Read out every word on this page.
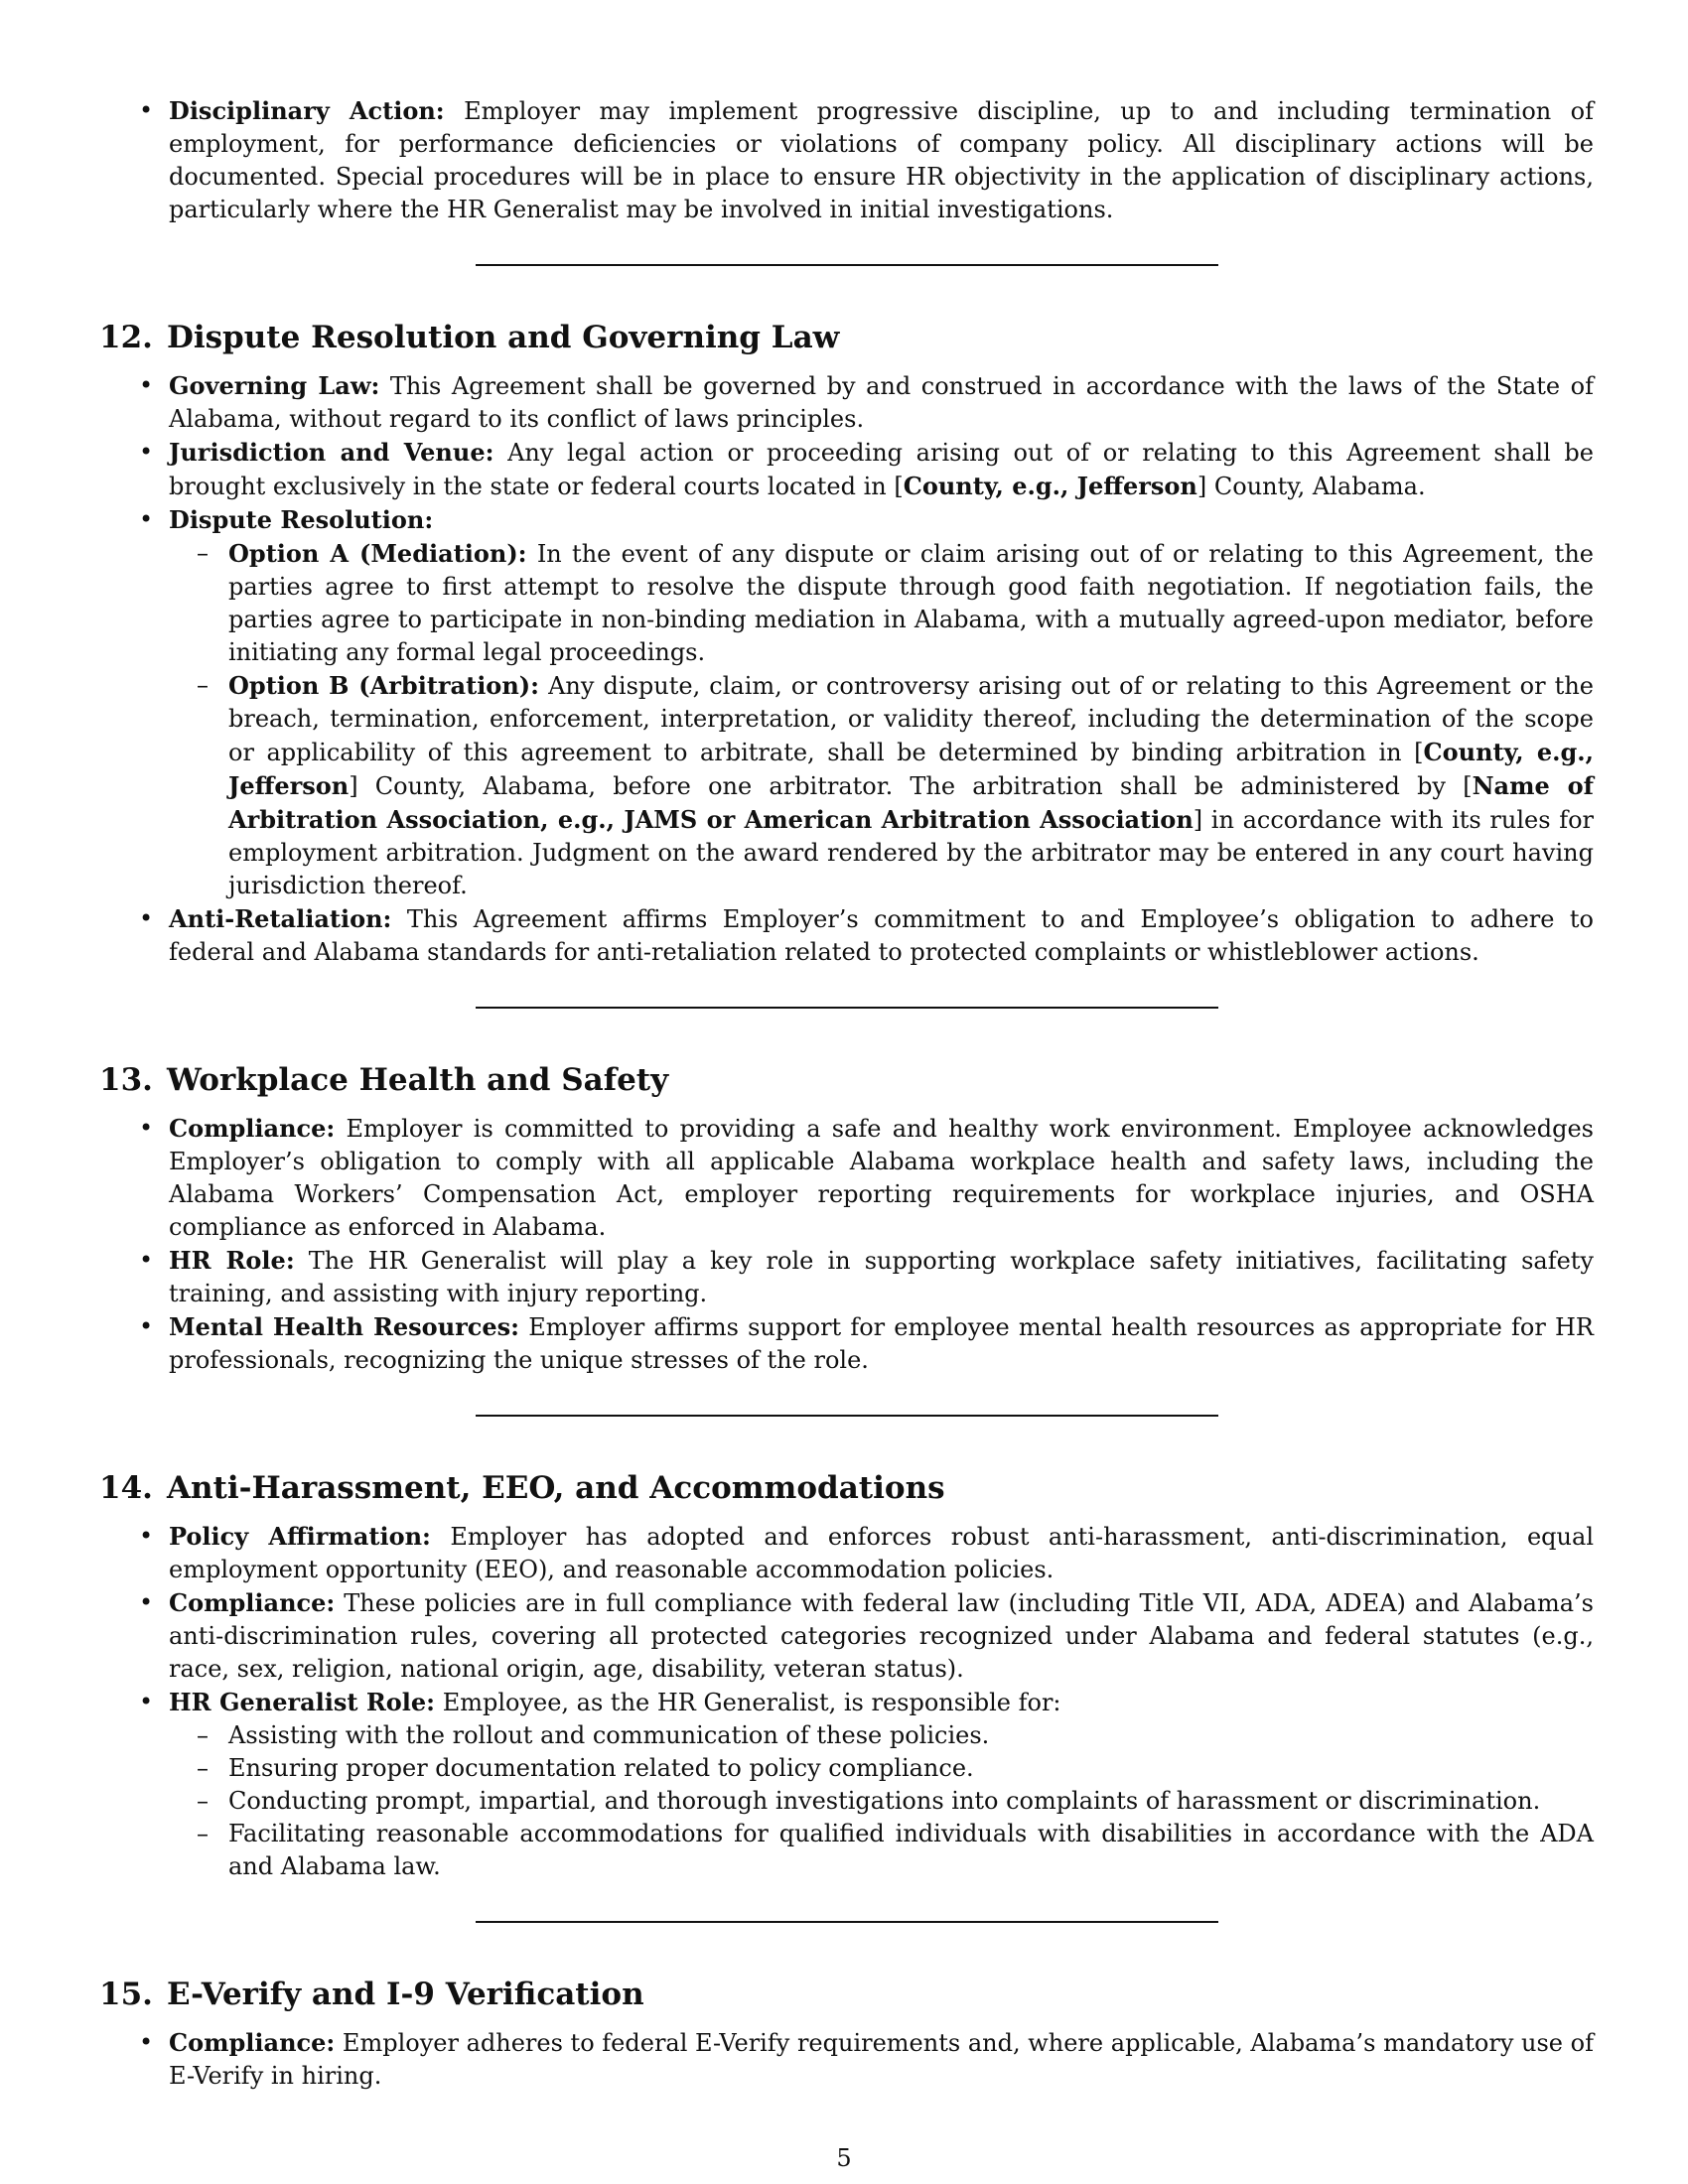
• Disciplinary Action: Employer may implement progressive discipline, up to and including termination of employment, for performance deficiencies or violations of company policy. All disciplinary actions will be documented. Special procedures will be in place to ensure HR objectivity in the application of disciplinary actions, particularly where the HR Generalist may be involved in initial investigations.
12. Dispute Resolution and Governing Law
• Governing Law: This Agreement shall be governed by and construed in accordance with the laws of the State of Alabama, without regard to its conflict of laws principles.
• Jurisdiction and Venue: Any legal action or proceeding arising out of or relating to this Agreement shall be brought exclusively in the state or federal courts located in [County, e.g., Jefferson] County, Alabama.
• Dispute Resolution:
– Option A (Mediation): In the event of any dispute or claim arising out of or relating to this Agreement, the parties agree to first attempt to resolve the dispute through good faith negotiation. If negotiation fails, the parties agree to participate in non-binding mediation in Alabama, with a mutually agreed-upon mediator, before initiating any formal legal proceedings.
– Option B (Arbitration): Any dispute, claim, or controversy arising out of or relating to this Agreement or the breach, termination, enforcement, interpretation, or validity thereof, including the determination of the scope or applicability of this agreement to arbitrate, shall be determined by binding arbitration in [County, e.g., Jefferson] County, Alabama, before one arbitrator. The arbitration shall be administered by [Name of Arbitration Association, e.g., JAMS or American Arbitration Association] in accordance with its rules for employment arbitration. Judgment on the award rendered by the arbitrator may be entered in any court having jurisdiction thereof.
• Anti-Retaliation: This Agreement affirms Employer’s commitment to and Employee’s obligation to adhere to federal and Alabama standards for anti-retaliation related to protected complaints or whistleblower actions.
13. Workplace Health and Safety
• Compliance: Employer is committed to providing a safe and healthy work environment. Employee acknowledges Employer’s obligation to comply with all applicable Alabama workplace health and safety laws, including the Alabama Workers’ Compensation Act, employer reporting requirements for workplace injuries, and OSHA compliance as enforced in Alabama.
• HR Role: The HR Generalist will play a key role in supporting workplace safety initiatives, facilitating safety training, and assisting with injury reporting.
• Mental Health Resources: Employer affirms support for employee mental health resources as appropriate for HR professionals, recognizing the unique stresses of the role.
14. Anti-Harassment, EEO, and Accommodations
• Policy Affirmation: Employer has adopted and enforces robust anti-harassment, anti-discrimination, equal employment opportunity (EEO), and reasonable accommodation policies.
• Compliance: These policies are in full compliance with federal law (including Title VII, ADA, ADEA) and Alabama’s anti-discrimination rules, covering all protected categories recognized under Alabama and federal statutes (e.g., race, sex, religion, national origin, age, disability, veteran status).
• HR Generalist Role: Employee, as the HR Generalist, is responsible for:
– Assisting with the rollout and communication of these policies.
– Ensuring proper documentation related to policy compliance.
– Conducting prompt, impartial, and thorough investigations into complaints of harassment or discrimination.
– Facilitating reasonable accommodations for qualified individuals with disabilities in accordance with the ADA and Alabama law.
15. E-Verify and I-9 Verification
• Compliance: Employer adheres to federal E-Verify requirements and, where applicable, Alabama’s mandatory use of E-Verify in hiring.
5
